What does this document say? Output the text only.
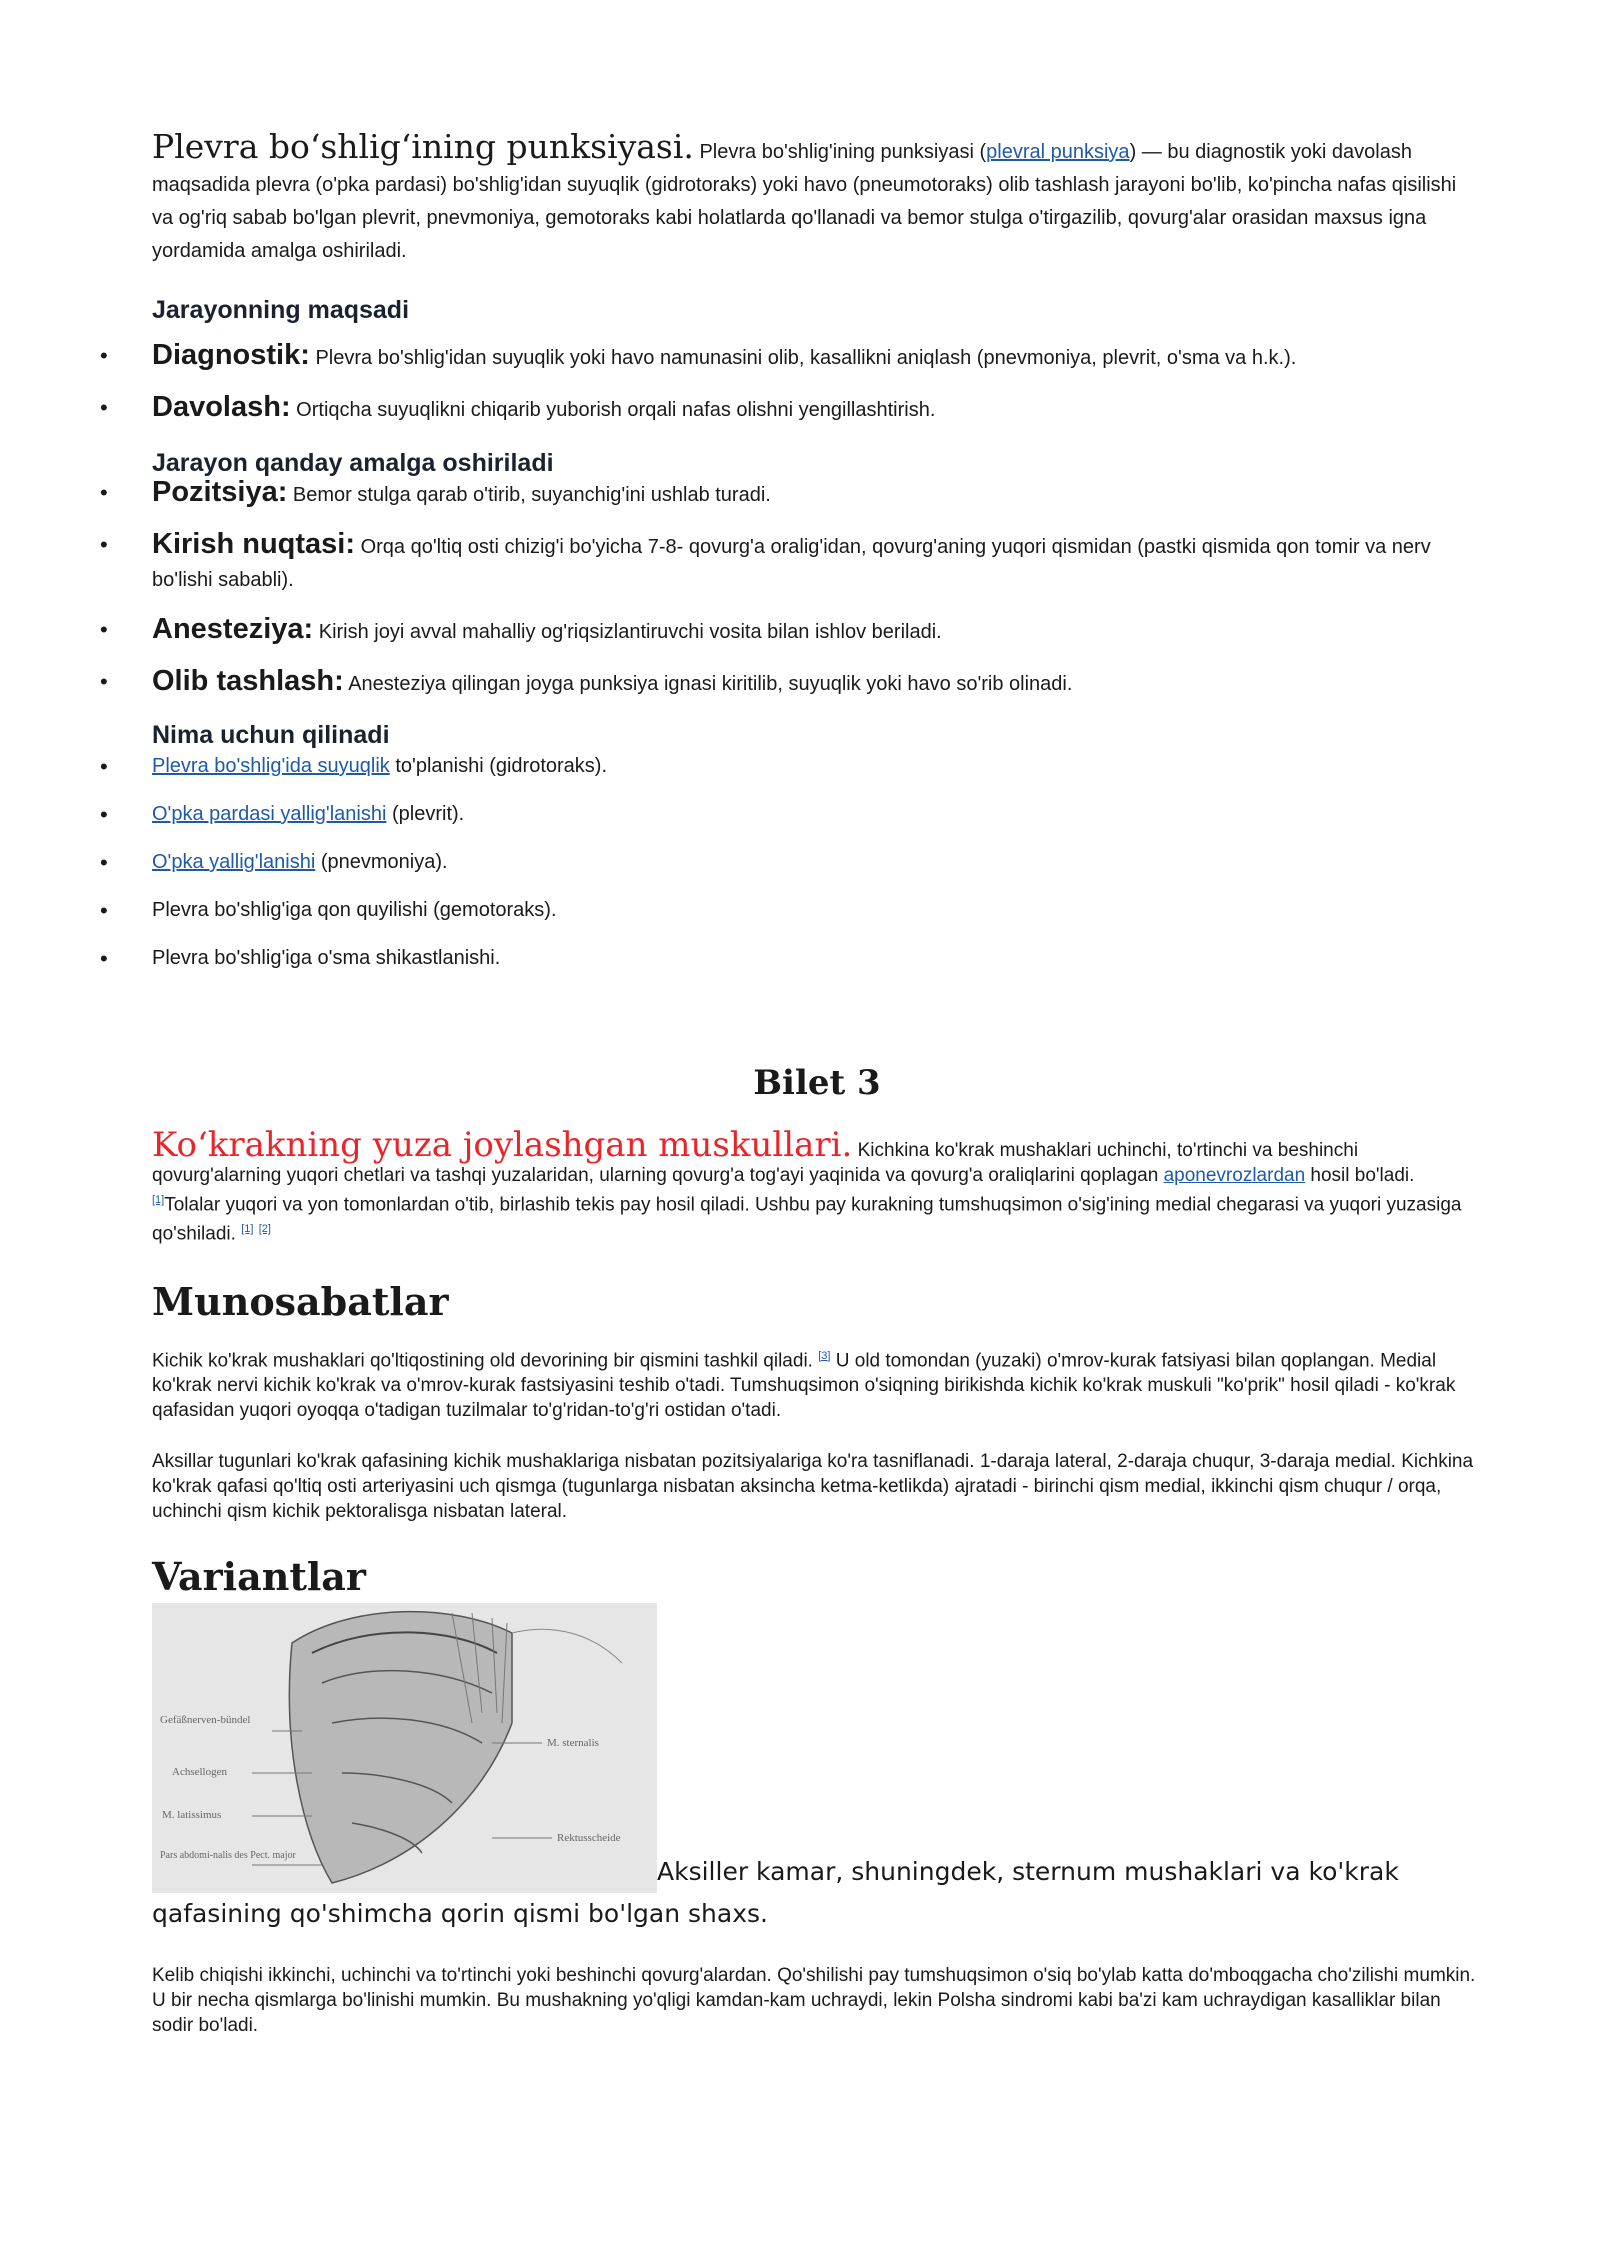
Plevra bo‘shlig‘ining punksiyasi. Plevra bo'shlig'ining punksiyasi (plevral punksiya) — bu diagnostik yoki davolash maqsadida plevra (o'pka pardasi) bo'shlig'idan suyuqlik (gidrotoraks) yoki havo (pneumotoraks) olib tashlash jarayoni bo'lib, ko'pincha nafas qisilishi va og'riq sabab bo'lgan plevrit, pnevmoniya, gemotoraks kabi holatlarda qo'llanadi va bemor stulga o'tirgazilib, qovurg'alar orasidan maxsus igna yordamida amalga oshiriladi.

Jarayonning maqsadi
• Diagnostik: Plevra bo'shlig'idan suyuqlik yoki havo namunasini olib, kasallikni aniqlash (pnevmoniya, plevrit, o'sma va h.k.).
• Davolash: Ortiqcha suyuqlikni chiqarib yuborish orqali nafas olishni yengillashtirish.
Jarayon qanday amalga oshiriladi
• Pozitsiya: Bemor stulga qarab o'tirib, suyanchig'ini ushlab turadi.
• Kirish nuqtasi: Orqa qo'ltiq osti chizig'i bo'yicha 7-8- qovurg'a oralig'idan, qovurg'aning yuqori qismidan (pastki qismida qon tomir va nerv bo'lishi sababli).
• Anesteziya: Kirish joyi avval mahalliy og'riqsizlantiruvchi vosita bilan ishlov beriladi.
• Olib tashlash: Anesteziya qilingan joyga punksiya ignasi kiritilib, suyuqlik yoki havo so'rib olinadi.
Nima uchun qilinadi
• Plevra bo'shlig'ida suyuqlik to'planishi (gidrotoraks).
• O'pka pardasi yallig'lanishi (plevrit).
• O'pka yallig'lanishi (pnevmoniya).
• Plevra bo'shlig'iga qon quyilishi (gemotoraks).
• Plevra bo'shlig'iga o'sma shikastlanishi.
Bilet 3

Ko‘krakning yuza joylashgan muskullari. Kichkina ko'krak mushaklari uchinchi, to'rtinchi va beshinchi qovurg'alarning yuqori chetlari va tashqi yuzalaridan, ularning qovurg'a tog'ayi yaqinida va qovurg'a oraliqlarini qoplagan aponevrozlardan hosil bo'ladi. [1]Tolalar yuqori va yon tomonlardan o'tib, birlashib tekis pay hosil qiladi. Ushbu pay kurakning tumshuqsimon o'sig'ining medial chegarasi va yuqori yuzasiga qo'shiladi. [1] [2]

Munosabatlar

Kichik ko'krak mushaklari qo'ltiqostining old devorining bir qismini tashkil qiladi. [3] U old tomondan (yuzaki) o'mrov-kurak fatsiyasi bilan qoplangan. Medial ko'krak nervi kichik ko'krak va o'mrov-kurak fastsiyasini teshib o'tadi. Tumshuqsimon o'siqning birikishda kichik ko'krak muskuli "ko'prik" hosil qiladi - ko'krak qafasidan yuqori oyoqqa o'tadigan tuzilmalar to'g'ridan-to'g'ri ostidan o'tadi.

Aksillar tugunlari ko'krak qafasining kichik mushaklariga nisbatan pozitsiyalariga ko'ra tasniflanadi. 1-daraja lateral, 2-daraja chuqur, 3-daraja medial. Kichkina ko'krak qafasi qo'ltiq osti arteriyasini uch qismga (tugunlarga nisbatan aksincha ketma-ketlikda) ajratadi - birinchi qism medial, ikkinchi qism chuqur / orqa, uchinchi qism kichik pektoralisga nisbatan lateral.

Variantlar
Gefäßnerven-bündel
Achsellogen
M. latissimus
Pars abdomi-nalis des Pect. major
M. sternalis
Rektusscheide
Aksiller kamar, shuningdek, sternum mushaklari va ko'krak qafasining qo'shimcha qorin qismi bo'lgan shaxs.

Kelib chiqishi ikkinchi, uchinchi va to'rtinchi yoki beshinchi qovurg'alardan. Qo'shilishi pay tumshuqsimon o'siq bo'ylab katta do'mboqgacha cho'zilishi mumkin. U bir necha qismlarga bo'linishi mumkin. Bu mushakning yo'qligi kamdan-kam uchraydi, lekin Polsha sindromi kabi ba'zi kam uchraydigan kasalliklar bilan sodir bo'ladi.
